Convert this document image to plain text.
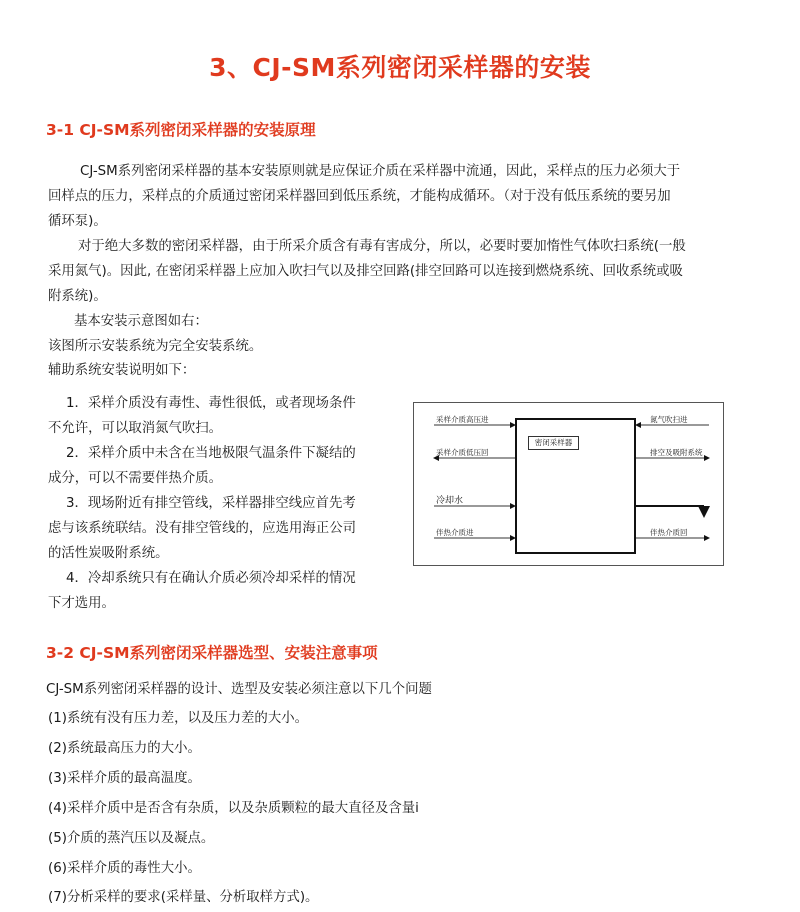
3、CJ-SM系列密闭采样器的安装
3-1 CJ-SM系列密闭采样器的安装原理
CJ-SM系列密闭采样器的基本安装原则就是应保证介质在采样器中流通，因此，采样点的压力必须大于
回样点的压力，采样点的介质通过密闭采样器回到低压系统，才能构成循环。（对于没有低压系统的要另加
循环泵)。
对于绝大多数的密闭采样器，由于所采介质含有毒有害成分，所以，必要时要加惰性气体吹扫系统(一般
采用氮气)。因此, 在密闭采样器上应加入吹扫气以及排空回路(排空回路可以连接到燃烧系统、回收系统或吸
附系统)。
基本安装示意图如右：
该图所示安装系统为完全安装系统。
辅助系统安装说明如下：
1．采样介质没有毒性、毒性很低，或者现场条件
不允许，可以取消氮气吹扫。
2．采样介质中未含在当地极限气温条件下凝结的
成分，可以不需要伴热介质。
3．现场附近有排空管线，采样器排空线应首先考
虑与该系统联结。没有排空管线的，应选用海正公司
的活性炭吸附系统。
4．冷却系统只有在确认介质必须冷却采样的情况
下才选用。
密闭采样器
采样介质高压进
采样介质低压回
冷却水
伴热介质进
氮气吹扫进
排空及吸附系统
伴热介质回
3-2 CJ-SM系列密闭采样器选型、安装注意事项
CJ-SM系列密闭采样器的设计、选型及安装必须注意以下几个问题
(1)系统有没有压力差，以及压力差的大小。
(2)系统最高压力的大小。
(3)采样介质的最高温度。
(4)采样介质中是否含有杂质，以及杂质颗粒的最大直径及含量i
(5)介质的蒸汽压以及凝点。
(6)采样介质的毒性大小。
(7)分析采样的要求(采样量、分析取样方式)。
